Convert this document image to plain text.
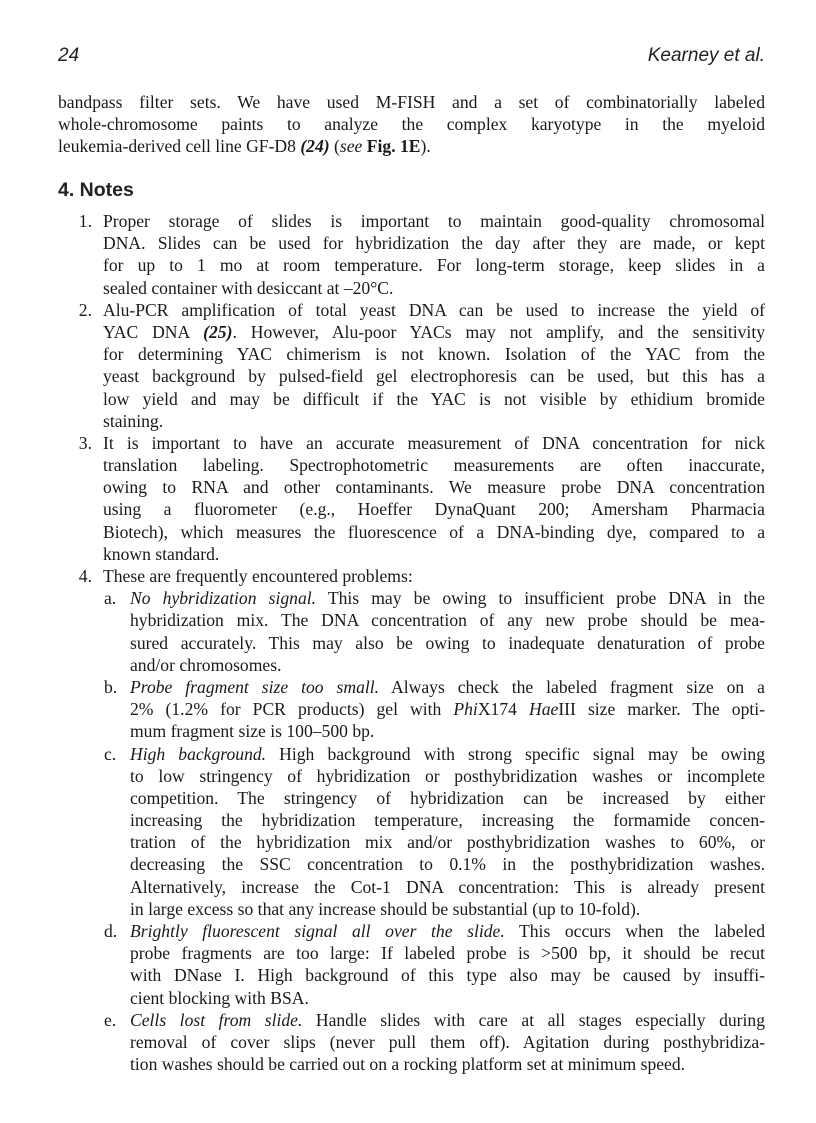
24	Kearney et al.
bandpass filter sets. We have used M-FISH and a set of combinatorially labeled
whole-chromosome paints to analyze the complex karyotype in the myeloid
leukemia-derived cell line GF-D8 (24) (see Fig. 1E).
4. Notes
1. Proper storage of slides is important to maintain good-quality chromosomal
DNA. Slides can be used for hybridization the day after they are made, or kept
for up to 1 mo at room temperature. For long-term storage, keep slides in a
sealed container with desiccant at –20°C.
2. Alu-PCR amplification of total yeast DNA can be used to increase the yield of
YAC DNA (25). However, Alu-poor YACs may not amplify, and the sensitivity
for determining YAC chimerism is not known. Isolation of the YAC from the
yeast background by pulsed-field gel electrophoresis can be used, but this has a
low yield and may be difficult if the YAC is not visible by ethidium bromide
staining.
3. It is important to have an accurate measurement of DNA concentration for nick
translation labeling. Spectrophotometric measurements are often inaccurate,
owing to RNA and other contaminants. We measure probe DNA concentration
using a fluorometer (e.g., Hoeffer DynaQuant 200; Amersham Pharmacia
Biotech), which measures the fluorescence of a DNA-binding dye, compared to a
known standard.
4. These are frequently encountered problems:
a. No hybridization signal. This may be owing to insufficient probe DNA in the
hybridization mix. The DNA concentration of any new probe should be mea-
sured accurately. This may also be owing to inadequate denaturation of probe
and/or chromosomes.
b. Probe fragment size too small. Always check the labeled fragment size on a
2% (1.2% for PCR products) gel with PhiX174 HaeIII size marker. The opti-
mum fragment size is 100–500 bp.
c. High background. High background with strong specific signal may be owing
to low stringency of hybridization or posthybridization washes or incomplete
competition. The stringency of hybridization can be increased by either
increasing the hybridization temperature, increasing the formamide concen-
tration of the hybridization mix and/or posthybridization washes to 60%, or
decreasing the SSC concentration to 0.1% in the posthybridization washes.
Alternatively, increase the Cot-1 DNA concentration: This is already present
in large excess so that any increase should be substantial (up to 10-fold).
d. Brightly fluorescent signal all over the slide. This occurs when the labeled
probe fragments are too large: If labeled probe is >500 bp, it should be recut
with DNase I. High background of this type also may be caused by insuffi-
cient blocking with BSA.
e. Cells lost from slide. Handle slides with care at all stages especially during
removal of cover slips (never pull them off). Agitation during posthybridiza-
tion washes should be carried out on a rocking platform set at minimum speed.
